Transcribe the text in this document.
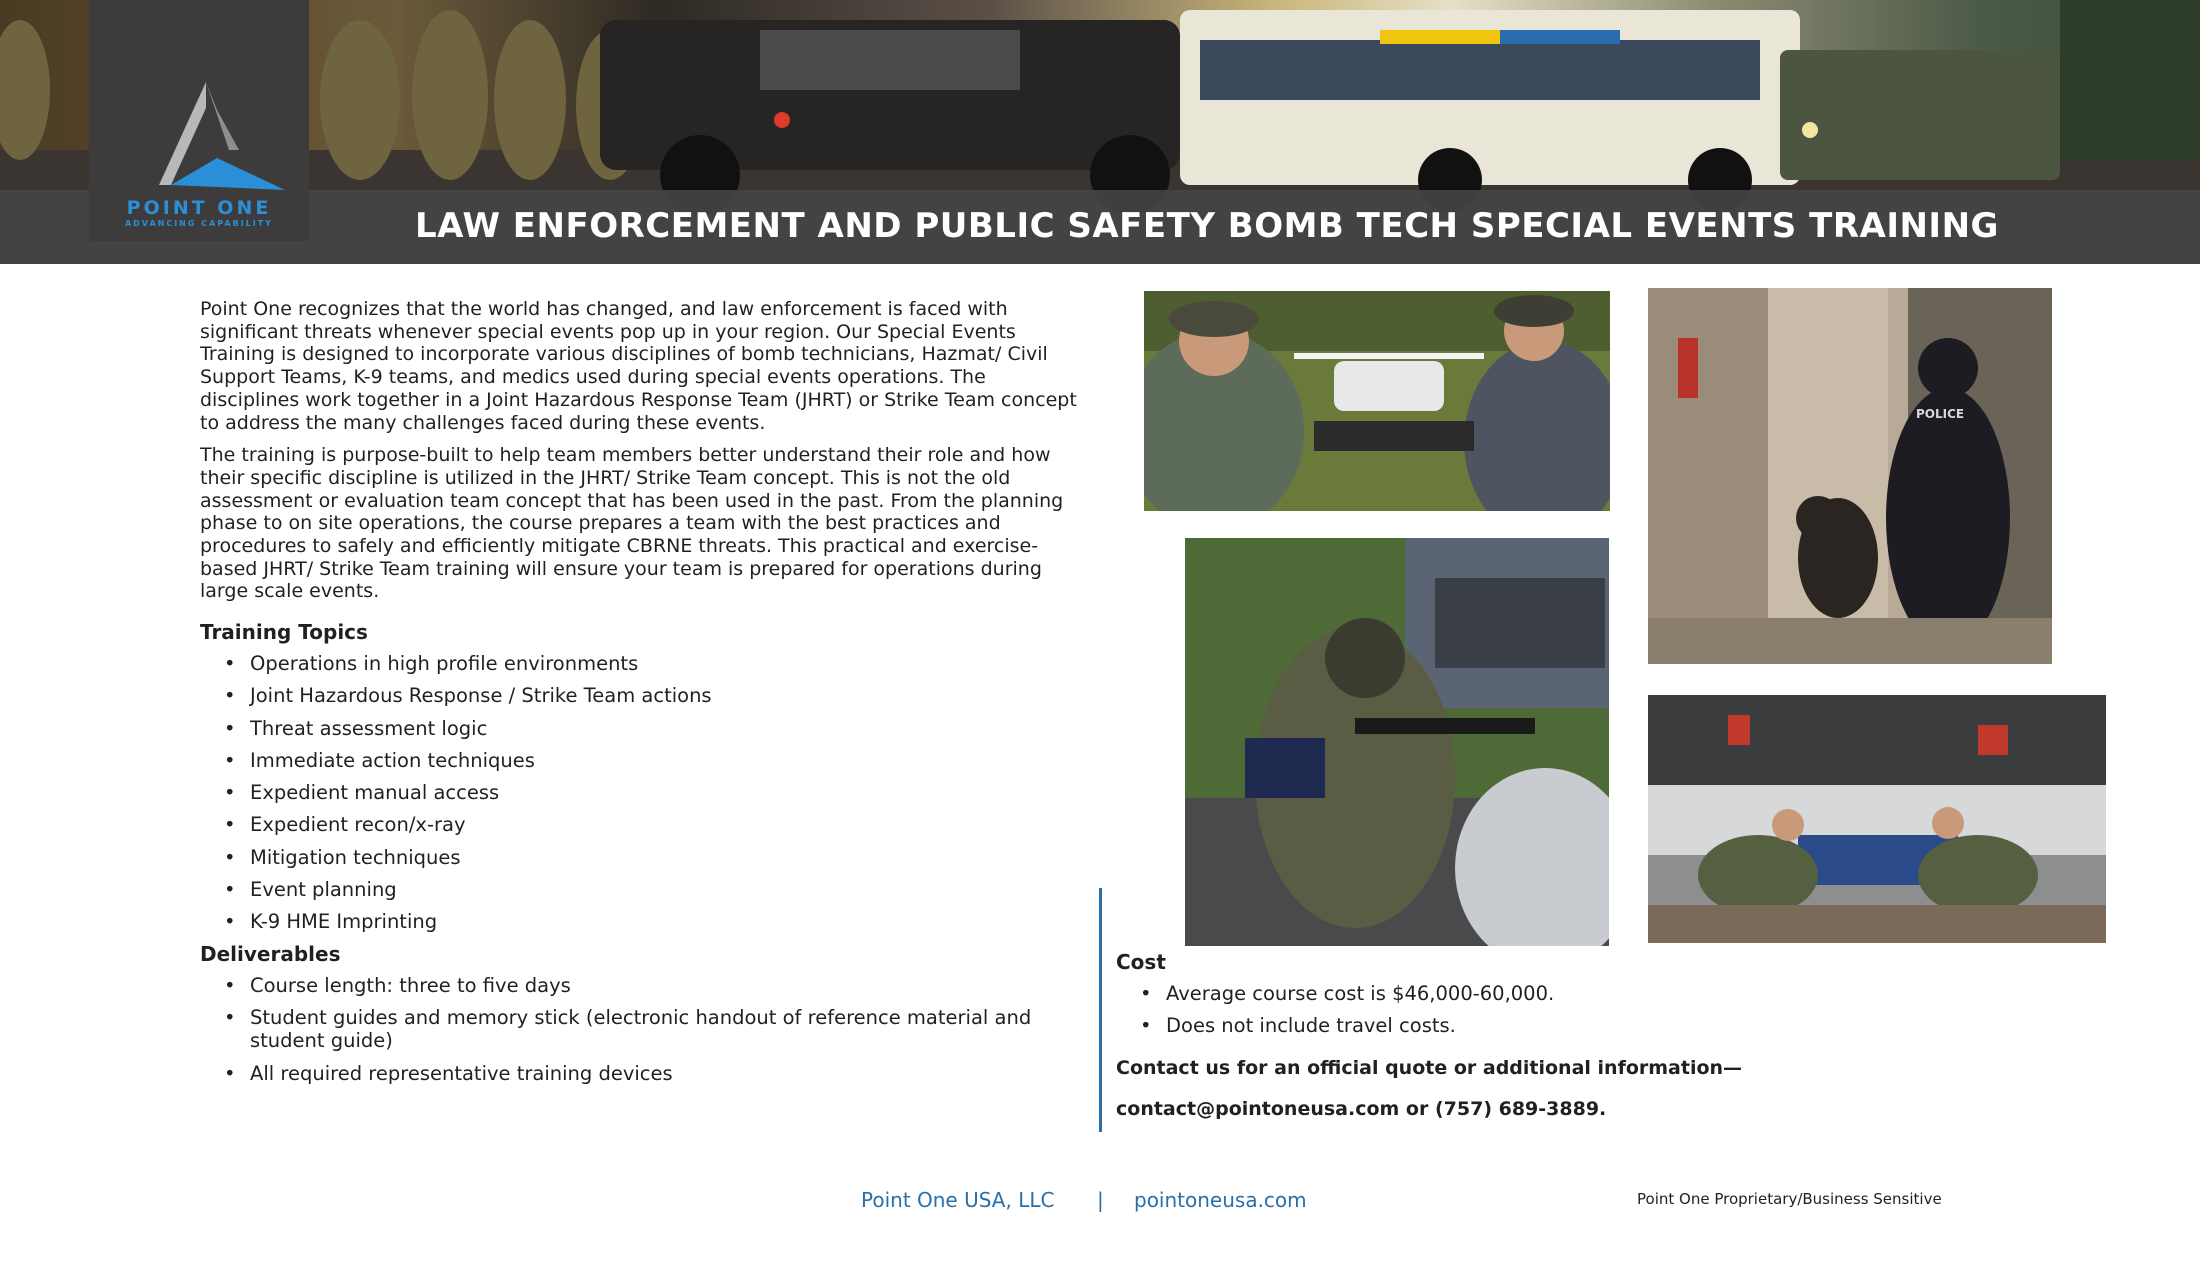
LAW ENFORCEMENT AND PUBLIC SAFETY BOMB TECH SPECIAL EVENTS TRAINING
POINT ONE
ADVANCING CAPABILITY

Point One recognizes that the world has changed, and law enforcement is faced with significant threats whenever special events pop up in your region. Our Special Events Training is designed to incorporate various disciplines of bomb technicians, Hazmat/ Civil Support Teams, K-9 teams, and medics used during special events operations. The disciplines work together in a Joint Hazardous Response Team (JHRT) or Strike Team concept to address the many challenges faced during these events.

The training is purpose-built to help team members better understand their role and how their specific discipline is utilized in the JHRT/ Strike Team concept. This is not the old assessment or evaluation team concept that has been used in the past. From the planning phase to on site operations, the course prepares a team with the best practices and procedures to safely and efficiently mitigate CBRNE threats. This practical and exercise-based JHRT/ Strike Team training will ensure your team is prepared for operations during large scale events.

Training Topics
• Operations in high profile environments
• Joint Hazardous Response / Strike Team actions
• Threat assessment logic
• Immediate action techniques
• Expedient manual access
• Expedient recon/x-ray
• Mitigation techniques
• Event planning
• K-9 HME Imprinting
Deliverables
• Course length: three to five days
• Student guides and memory stick (electronic handout of reference material and student guide)
• All required representative training devices
POLICE
Cost
• Average course cost is $46,000-60,000.
• Does not include travel costs.
Contact us for an official quote or additional information—
contact@pointoneusa.com or (757) 689-3889.
Point One USA, LLC | pointoneusa.com	Point One Proprietary/Business Sensitive
